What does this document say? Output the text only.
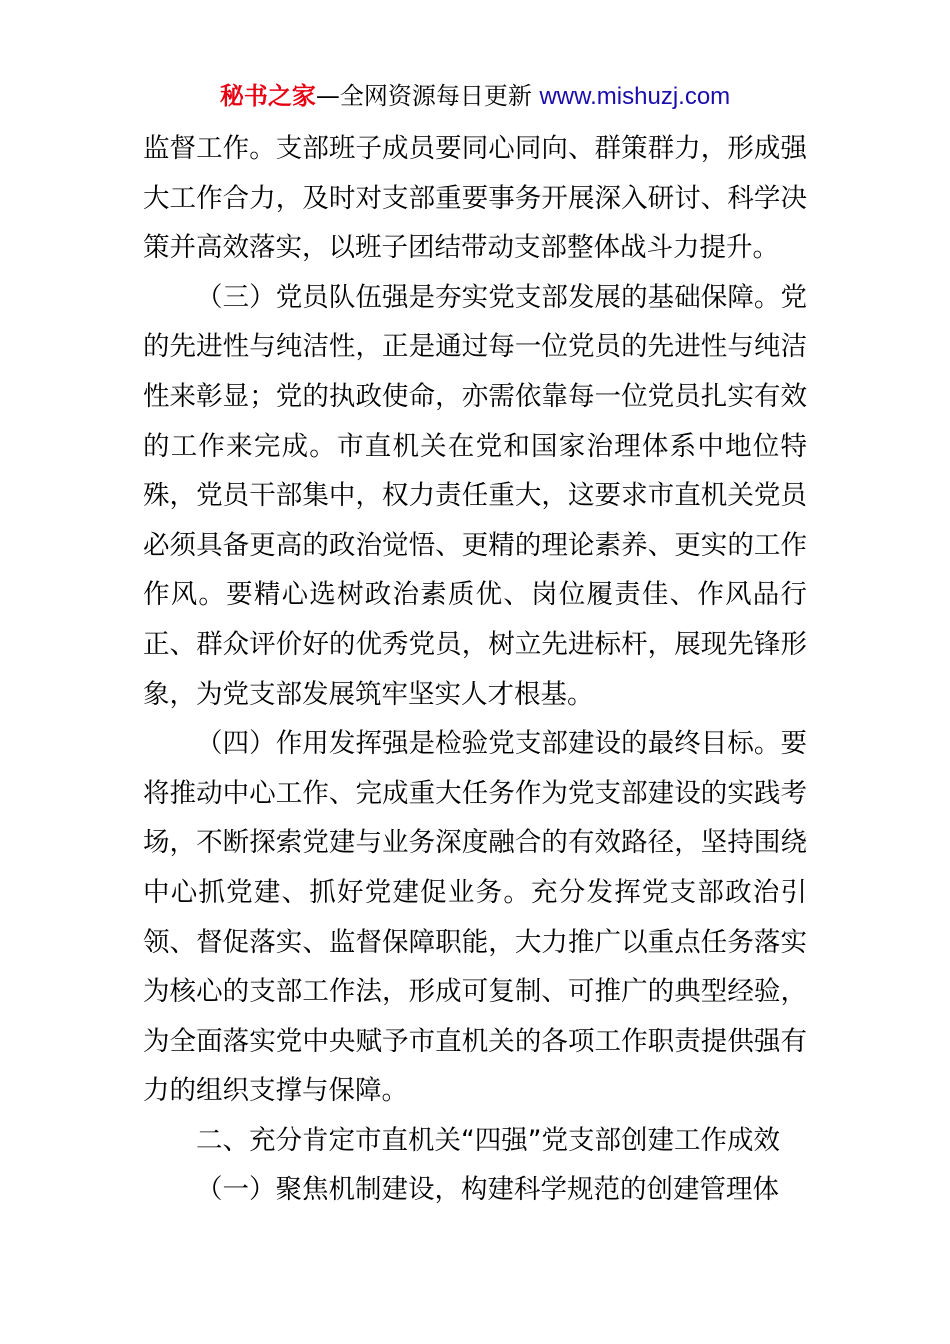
秘书之家—全网资源每日更新 www.mishuzj.com

监督工作。支部班子成员要同心同向、群策群力，形成强大工作合力，及时对支部重要事务开展深入研讨、科学决策并高效落实，以班子团结带动支部整体战斗力提升。

（三）党员队伍强是夯实党支部发展的基础保障。党的先进性与纯洁性，正是通过每一位党员的先进性与纯洁性来彰显；党的执政使命，亦需依靠每一位党员扎实有效的工作来完成。市直机关在党和国家治理体系中地位特殊，党员干部集中，权力责任重大，这要求市直机关党员必须具备更高的政治觉悟、更精的理论素养、更实的工作作风。要精心选树政治素质优、岗位履责佳、作风品行正、群众评价好的优秀党员，树立先进标杆，展现先锋形象，为党支部发展筑牢坚实人才根基。

（四）作用发挥强是检验党支部建设的最终目标。要将推动中心工作、完成重大任务作为党支部建设的实践考场，不断探索党建与业务深度融合的有效路径，坚持围绕中心抓党建、抓好党建促业务。充分发挥党支部政治引领、督促落实、监督保障职能，大力推广以重点任务落实为核心的支部工作法，形成可复制、可推广的典型经验，为全面落实党中央赋予市直机关的各项工作职责提供强有力的组织支撑与保障。

二、充分肯定市直机关“四强”党支部创建工作成效

（一）聚焦机制建设，构建科学规范的创建管理体
